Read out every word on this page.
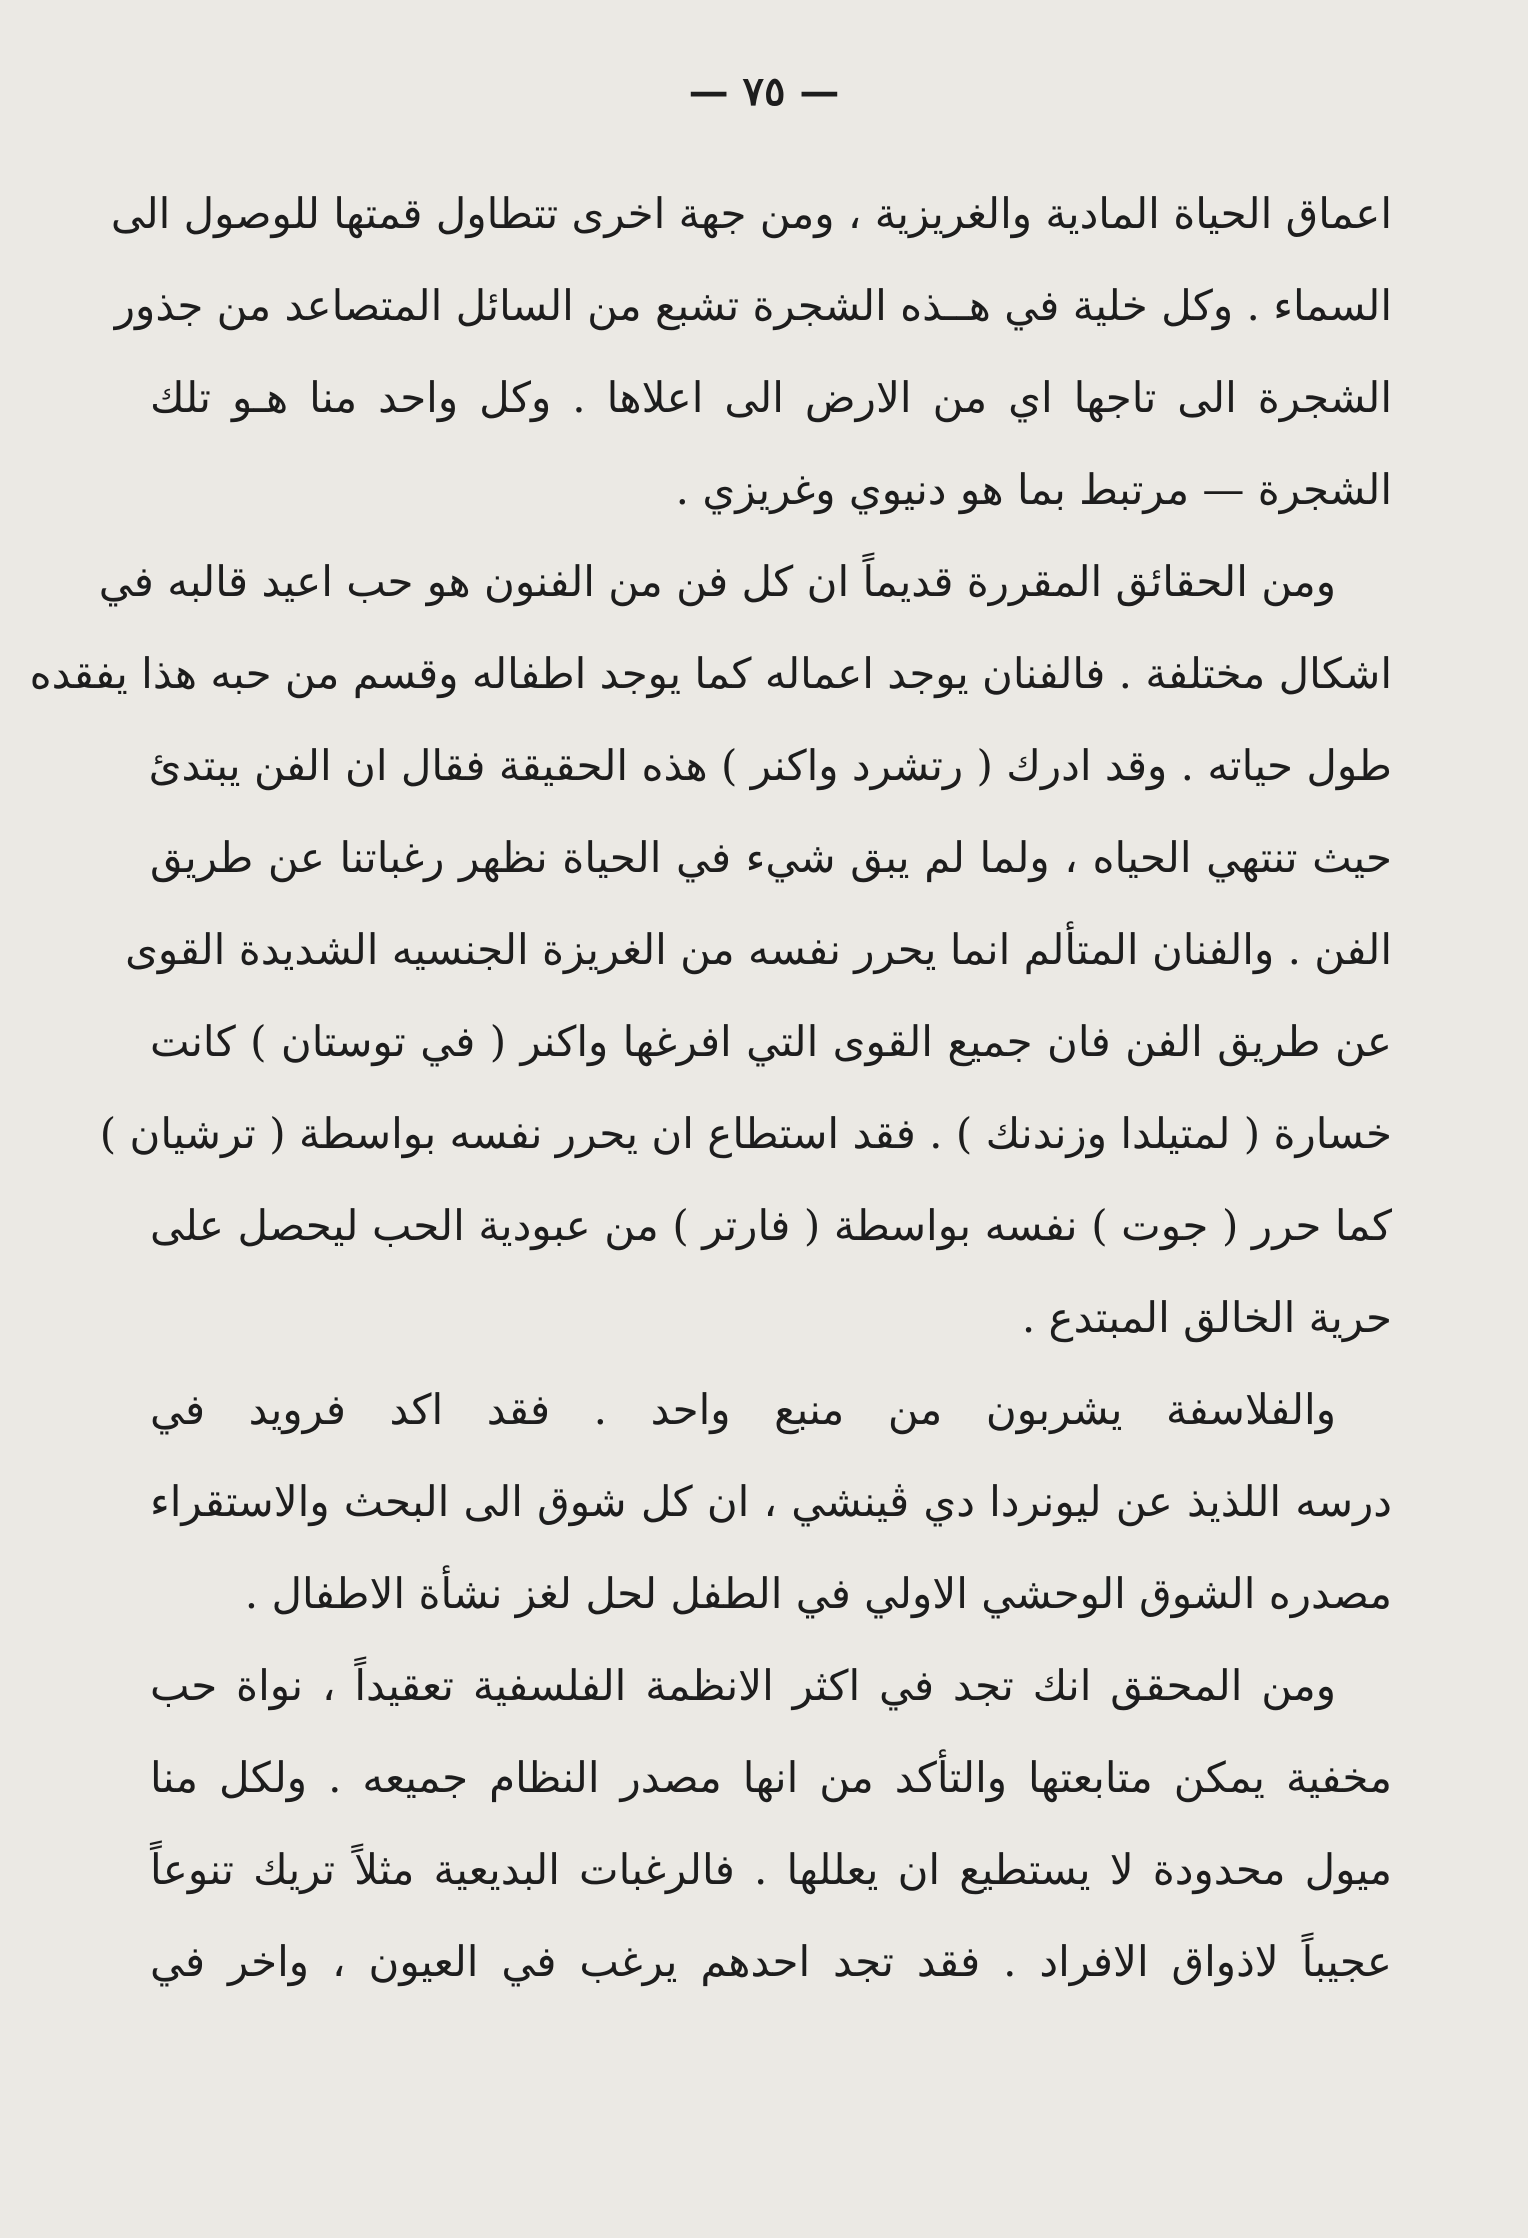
— ٧٥ —
اعماق الحياة المادية والغريزية ، ومن جهة اخرى تتطاول قمتها للوصول الى
السماء . وكل خلية في هــذه الشجرة تشبع من السائل المتصاعد من جذور
الشجرة الى تاجها اي من الارض الى اعلاها . وكل واحد منا هـو تلك
الشجرة — مرتبط بما هو دنيوي وغريزي .
ومن الحقائق المقررة قديماً ان كل فن من الفنون هو حب اعيد قالبه في
اشكال مختلفة . فالفنان يوجد اعماله كما يوجد اطفاله وقسم من حبه هذا يفقده
طول حياته . وقد ادرك ( رتشرد واكنر ) هذه الحقيقة فقال ان الفن يبتدئ
حيث تنتهي الحياه ، ولما لم يبق شيء في الحياة نظهر رغباتنا عن طريق
الفن . والفنان المتألم انما يحرر نفسه من الغريزة الجنسيه الشديدة القوى
عن طريق الفن فان جميع القوى التي افرغها واكنر ( في توستان ) كانت
خسارة ( لمتيلدا وزندنك ) . فقد استطاع ان يحرر نفسه بواسطة ( ترشيان )
كما حرر ( جوت ) نفسه بواسطة ( فارتر ) من عبودية الحب ليحصل على
حرية الخالق المبتدع .
والفلاسفة يشربون من منبع واحد . فقد اكد فرويد في
درسه اللذيذ عن ليونردا دي ڤينشي ، ان كل شوق الى البحث والاستقراء
مصدره الشوق الوحشي الاولي في الطفل لحل لغز نشأة الاطفال .
ومن المحقق انك تجد في اكثر الانظمة الفلسفية تعقيداً ، نواة حب
مخفية يمكن متابعتها والتأكد من انها مصدر النظام جميعه . ولكل منا
ميول محدودة لا يستطيع ان يعللها . فالرغبات البديعية مثلاً تريك تنوعاً
عجيباً لاذواق الافراد . فقد تجد احدهم يرغب في العيون ، واخر في
